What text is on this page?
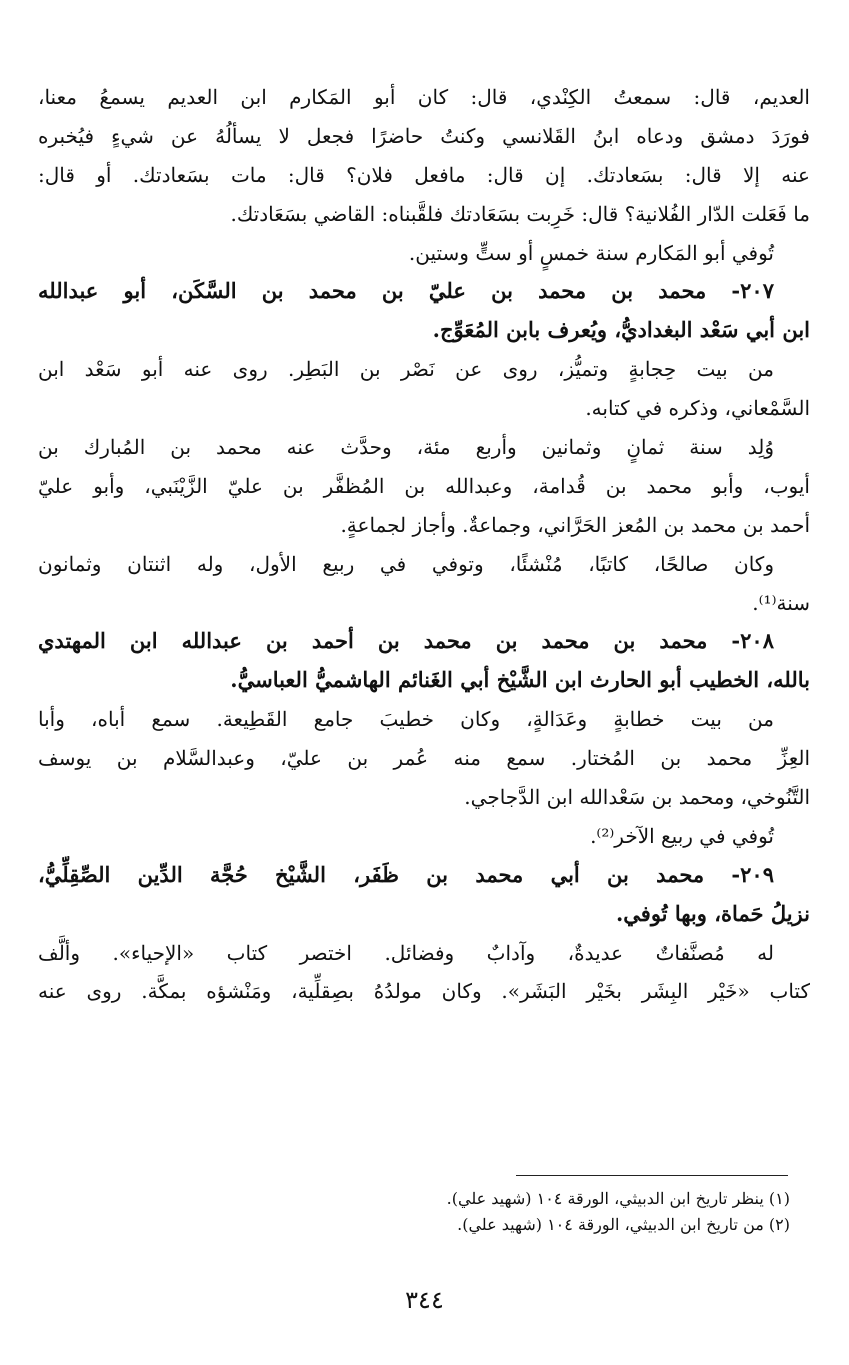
العديم، قال: سمعتُ الكِنْدي، قال: كان أبو المَكارم ابن العديم يسمعُ معنا،
فورَدَ دمشق ودعاه ابنُ القَلانسي وكنتُ حاضرًا فجعل لا يسألُهُ عن شيءٍ فيُخبره
عنه إلا قال: بسَعادتك. إن قال: مافعل فلان؟ قال: مات بسَعادتك. أو قال:
ما فَعَلت الدّار الفُلانية؟ قال: خَرِبت بسَعَادتك فلقَّبناه: القاضي بسَعَادتك.
تُوفي أبو المَكارم سنة خمسٍ أو ستٍّ وستين.
٢٠٧- محمد بن محمد بن عليّ بن محمد بن السَّكَن، أبو عبدالله
ابن أبي سَعْد البغداديُّ، ويُعرف بابن المُعَوِّج.
من بيت حِجابةٍ وتميُّز، روى عن نَصْر بن البَطِر. روى عنه أبو سَعْد ابن
السَّمْعاني، وذكره في كتابه.
وُلِد سنة ثمانٍ وثمانين وأربع مئة، وحدَّث عنه محمد بن المُبارك بن
أيوب، وأبو محمد بن قُدامة، وعبدالله بن المُظفَّر بن عليّ الزَّيْنَبي، وأبو عليّ
أحمد بن محمد بن المُعز الحَرَّاني، وجماعةٌ. وأجاز لجماعةٍ.
وكان صالحًا، كاتبًا، مُنْشئًا، وتوفي في ربيع الأول، وله اثنتان وثمانون
سنة⁽¹⁾.
٢٠٨- محمد بن محمد بن محمد بن أحمد بن عبدالله ابن المهتدي
بالله، الخطيب أبو الحارث ابن الشَّيْخ أبي الغَنائم الهاشميُّ العباسيُّ.
من بيت خطابةٍ وعَدَالةٍ، وكان خطيبَ جامع القَطِيعة. سمع أباه، وأبا
العِزِّ محمد بن المُختار. سمع منه عُمر بن عليّ، وعبدالسَّلام بن يوسف
التَّنُوخي، ومحمد بن سَعْدالله ابن الدَّجاجي.
تُوفي في ربيع الآخر⁽²⁾.
٢٠٩- محمد بن أبي محمد بن ظَفَر، الشَّيْخ حُجَّة الدِّين الصِّقِلِّيُّ،
نزيلُ حَماة، وبها تُوفي.
له مُصنَّفاتٌ عديدةٌ، وآدابٌ وفضائل. اختصر كتاب «الإحياء». وألَّف
كتاب «خَيْر البِشَر بخَيْر البَشَر». وكان مولدُهُ بصِقلِّية، ومَنْشؤه بمكَّة. روى عنه
(١) ينظر تاريخ ابن الدبيثي، الورقة ١٠٤ (شهيد علي).
(٢) من تاريخ ابن الدبيثي، الورقة ١٠٤ (شهيد علي).
٣٤٤
